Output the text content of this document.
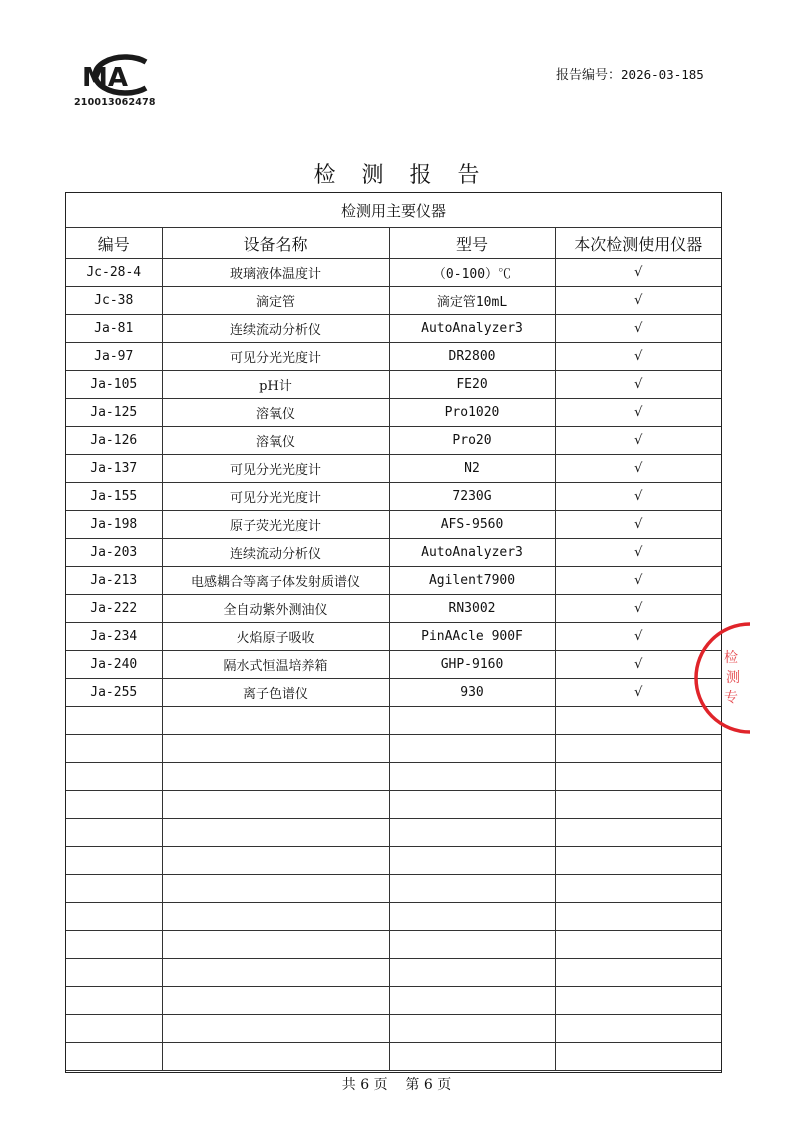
MA
210013062478
报告编号：2026-03-185
检测报告
检测用主要仪器			
编号	设备名称	型号	本次检测使用仪器
Jc-28-4	玻璃液体温度计	（0-100）℃	√
Jc-38	滴定管	滴定管10mL	√
Ja-81	连续流动分析仪	AutoAnalyzer3	√
Ja-97	可见分光光度计	DR2800	√
Ja-105	pH计	FE20	√
Ja-125	溶氧仪	Pro1020	√
Ja-126	溶氧仪	Pro20	√
Ja-137	可见分光光度计	N2	√
Ja-155	可见分光光度计	7230G	√
Ja-198	原子荧光光度计	AFS-9560	√
Ja-203	连续流动分析仪	AutoAnalyzer3	√
Ja-213	电感耦合等离子体发射质谱仪	Agilent7900	√
Ja-222	全自动紫外测油仪	RN3002	√
Ja-234	火焰原子吸收	PinAAcle 900F	√
Ja-240	隔水式恒温培养箱	GHP-9160	√
Ja-255	离子色谱仪	930	√

检
测
专
共 6 页 第 6 页
